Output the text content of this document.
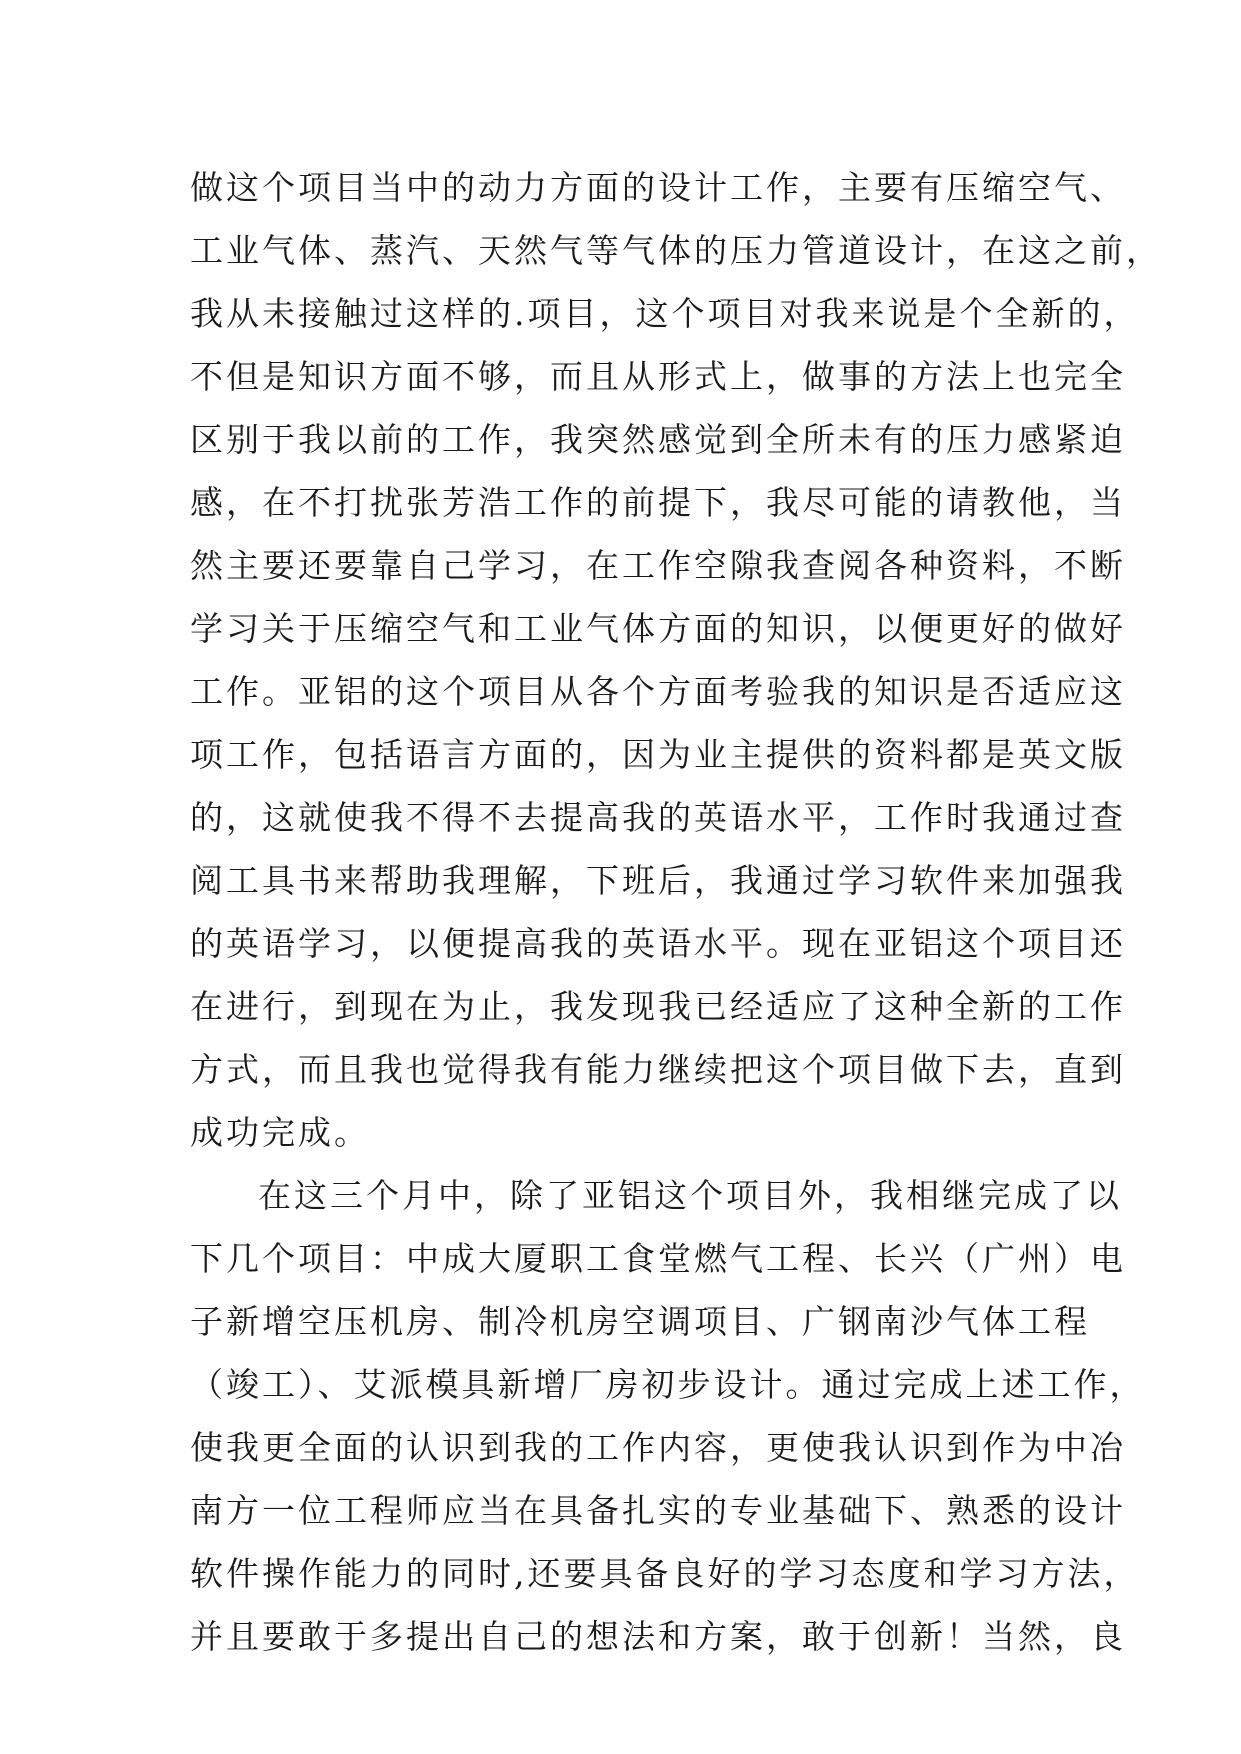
做这个项目当中的动力方面的设计工作，主要有压缩空气、
工业气体、蒸汽、天然气等气体的压力管道设计，在这之前，
我从未接触过这样的.项目，这个项目对我来说是个全新的，
不但是知识方面不够，而且从形式上，做事的方法上也完全
区别于我以前的工作，我突然感觉到全所未有的压力感紧迫
感，在不打扰张芳浩工作的前提下，我尽可能的请教他，当
然主要还要靠自己学习，在工作空隙我查阅各种资料，不断
学习关于压缩空气和工业气体方面的知识，以便更好的做好
工作。亚铝的这个项目从各个方面考验我的知识是否适应这
项工作，包括语言方面的，因为业主提供的资料都是英文版
的，这就使我不得不去提高我的英语水平，工作时我通过查
阅工具书来帮助我理解，下班后，我通过学习软件来加强我
的英语学习，以便提高我的英语水平。现在亚铝这个项目还
在进行，到现在为止，我发现我已经适应了这种全新的工作
方式，而且我也觉得我有能力继续把这个项目做下去，直到
成功完成。
在这三个月中，除了亚铝这个项目外，我相继完成了以
下几个项目：中成大厦职工食堂燃气工程、长兴（广州）电
子新增空压机房、制冷机房空调项目、广钢南沙气体工程
（竣工）、艾派模具新增厂房初步设计。通过完成上述工作，
使我更全面的认识到我的工作内容，更使我认识到作为中冶
南方一位工程师应当在具备扎实的专业基础下、熟悉的设计
软件操作能力的同时,还要具备良好的学习态度和学习方法，
并且要敢于多提出自己的想法和方案，敢于创新！当然，良
